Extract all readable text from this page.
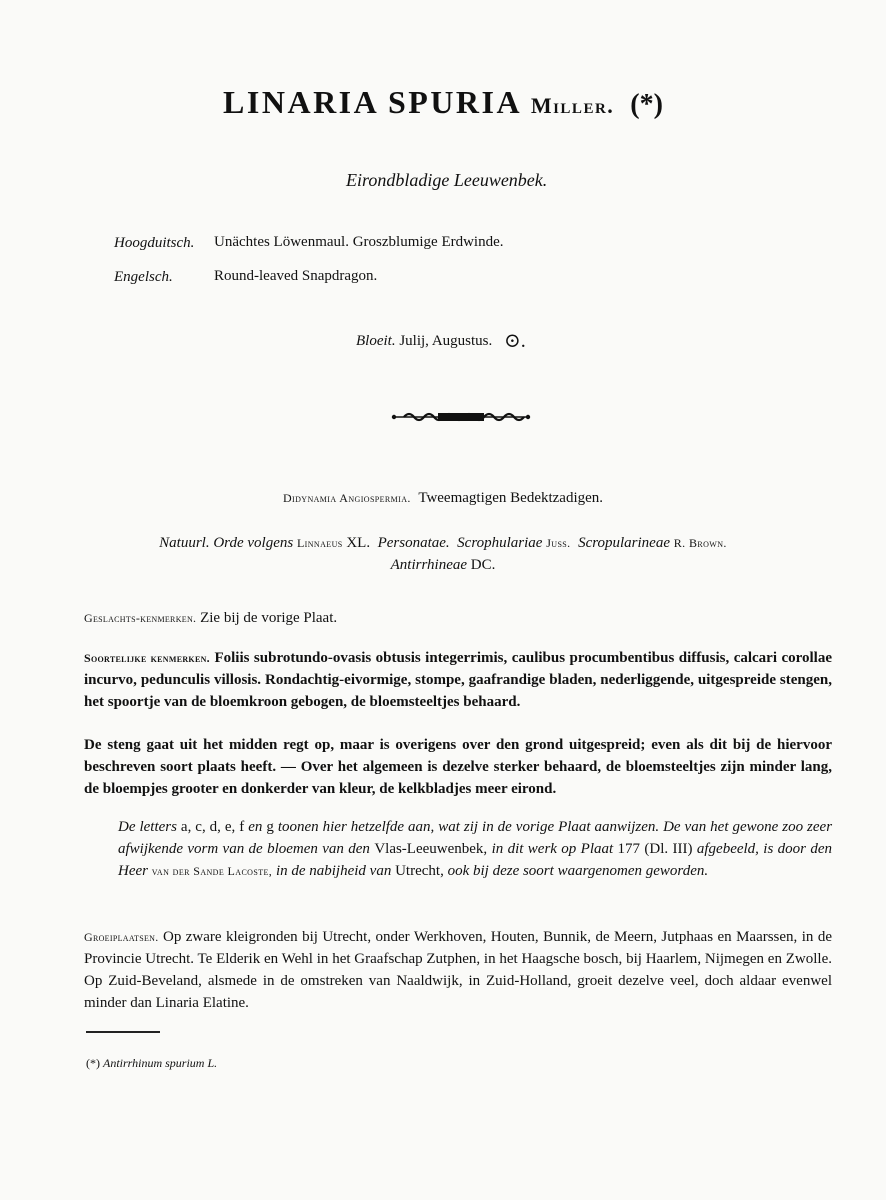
LINARIA SPURIA Miller. (*)
Eirondbladige Leeuwenbek.
Hoogduitsch. Unächtes Löwenmaul. Groszblumige Erdwinde.
Engelsch.	Round-leaved Snapdragon.
Bloeit. Julij, Augustus. ⊙.
Didynamia Angiospermia. Tweemagtigen Bedektzadigen.
Natuurl. Orde volgens Linnaeus XL. Personatae. Scrophulariae Juss. Scropularineae R. Brown.
Antirrhineae DC.
Geslachts-kenmerken. Zie bij de vorige Plaat.
Soortelijke kenmerken. Foliis subrotundo-ovasis obtusis integerrimis, caulibus procumbentibus diffusis, calcari corollae incurvo, pedunculis villosis. Rondachtig-eivormige, stompe, gaafrandige bladen, nederliggende, uitgespreide stengen, het spoortje van de bloemkroon gebogen, de bloemsteeltjes behaard.
De steng gaat uit het midden regt op, maar is overigens over den grond uitgespreid; even als dit bij de hiervoor beschreven soort plaats heeft. — Over het algemeen is dezelve sterker behaard, de bloemsteeltjes zijn minder lang, de bloempjes grooter en donkerder van kleur, de kelkbladjes meer eirond.
De letters a, c, d, e, f en g toonen hier hetzelfde aan, wat zij in de vorige Plaat aanwijzen. De van het gewone zoo zeer afwijkende vorm van de bloemen van den Vlas-Leeuwenbek, in dit werk op Plaat 177 (Dl. III) afgebeeld, is door den Heer van der Sande Lacoste, in de nabijheid van Utrecht, ook bij deze soort waargenomen geworden.
Groeiplaatsen. Op zware kleigronden bij Utrecht, onder Werkhoven, Houten, Bunnik, de Meern, Jutphaas en Maarssen, in de Provincie Utrecht. Te Elderik en Wehl in het Graafschap Zutphen, in het Haagsche bosch, bij Haarlem, Nijmegen en Zwolle. Op Zuid-Beveland, alsmede in de omstreken van Naaldwijk, in Zuid-Holland, groeit dezelve veel, doch aldaar evenwel minder dan Linaria Elatine.
(*) Antirrhinum spurium L.
